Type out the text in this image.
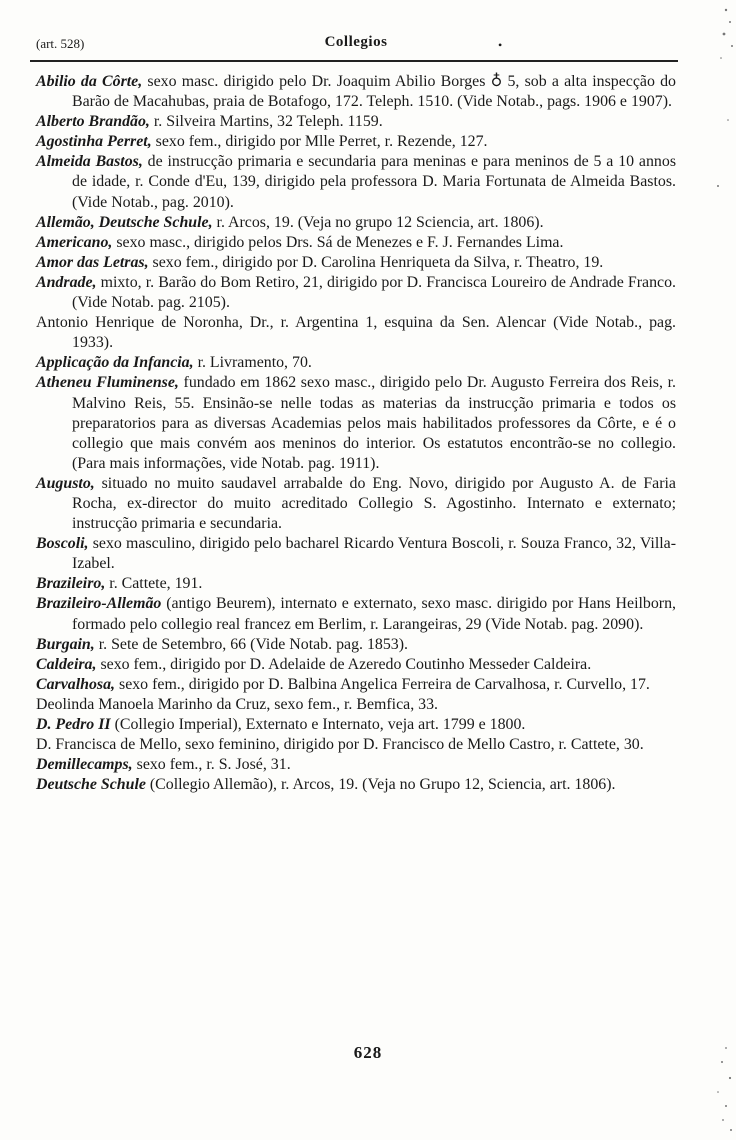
(art. 528)	Collegios	•
Abilio da Côrte, sexo masc. dirigido pelo Dr. Joaquim Abilio Borges ♁ 5, sob a alta inspecção do Barão de Macahubas, praia de Botafogo, 172. Teleph. 1510. (Vide Notab., pags. 1906 e 1907).
Alberto Brandão, r. Silveira Martins, 32 Teleph. 1159.
Agostinha Perret, sexo fem., dirigido por Mlle Perret, r. Rezende, 127.
Almeida Bastos, de instrucção primaria e secundaria para meninas e para meninos de 5 a 10 annos de idade, r. Conde d'Eu, 139, dirigido pela professora D. Maria Fortunata de Almeida Bastos. (Vide Notab., pag. 2010).
Allemão, Deutsche Schule, r. Arcos, 19. (Veja no grupo 12 Sciencia, art. 1806).
Americano, sexo masc., dirigido pelos Drs. Sá de Menezes e F. J. Fernandes Lima.
Amor das Letras, sexo fem., dirigido por D. Carolina Henriqueta da Silva, r. Theatro, 19.
Andrade, mixto, r. Barão do Bom Retiro, 21, dirigido por D. Francisca Loureiro de Andrade Franco. (Vide Notab. pag. 2105).
Antonio Henrique de Noronha, Dr., r. Argentina 1, esquina da Sen. Alencar (Vide Notab., pag. 1933).
Applicação da Infancia, r. Livramento, 70.
Atheneu Fluminense, fundado em 1862 sexo masc., dirigido pelo Dr. Augusto Ferreira dos Reis, r. Malvino Reis, 55. Ensinão-se nelle todas as materias da instrucção primaria e todos os preparatorios para as diversas Academias pelos mais habilitados professores da Côrte, e é o collegio que mais convém aos meninos do interior. Os estatutos encontrão-se no collegio. (Para mais informações, vide Notab. pag. 1911).
Augusto, situado no muito saudavel arrabalde do Eng. Novo, dirigido por Augusto A. de Faria Rocha, ex-director do muito acreditado Collegio S. Agostinho. Internato e externato; instrucção primaria e secundaria.
Boscoli, sexo masculino, dirigido pelo bacharel Ricardo Ventura Boscoli, r. Souza Franco, 32, Villa-Izabel.
Brazileiro, r. Cattete, 191.
Brazileiro-Allemão (antigo Beurem), internato e externato, sexo masc. dirigido por Hans Heilborn, formado pelo collegio real francez em Berlim, r. Larangeiras, 29 (Vide Notab. pag. 2090).
Burgain, r. Sete de Setembro, 66 (Vide Notab. pag. 1853).
Caldeira, sexo fem., dirigido por D. Adelaide de Azeredo Coutinho Messeder Caldeira.
Carvalhosa, sexo fem., dirigido por D. Balbina Angelica Ferreira de Carvalhosa, r. Curvello, 17.
Deolinda Manoela Marinho da Cruz, sexo fem., r. Bemfica, 33.
D. Pedro II (Collegio Imperial), Externato e Internato, veja art. 1799 e 1800.
D. Francisca de Mello, sexo feminino, dirigido por D. Francisco de Mello Castro, r. Cattete, 30.
Demillecamps, sexo fem., r. S. José, 31.
Deutsche Schule (Collegio Allemão), r. Arcos, 19. (Veja no Grupo 12, Sciencia, art. 1806).
628
